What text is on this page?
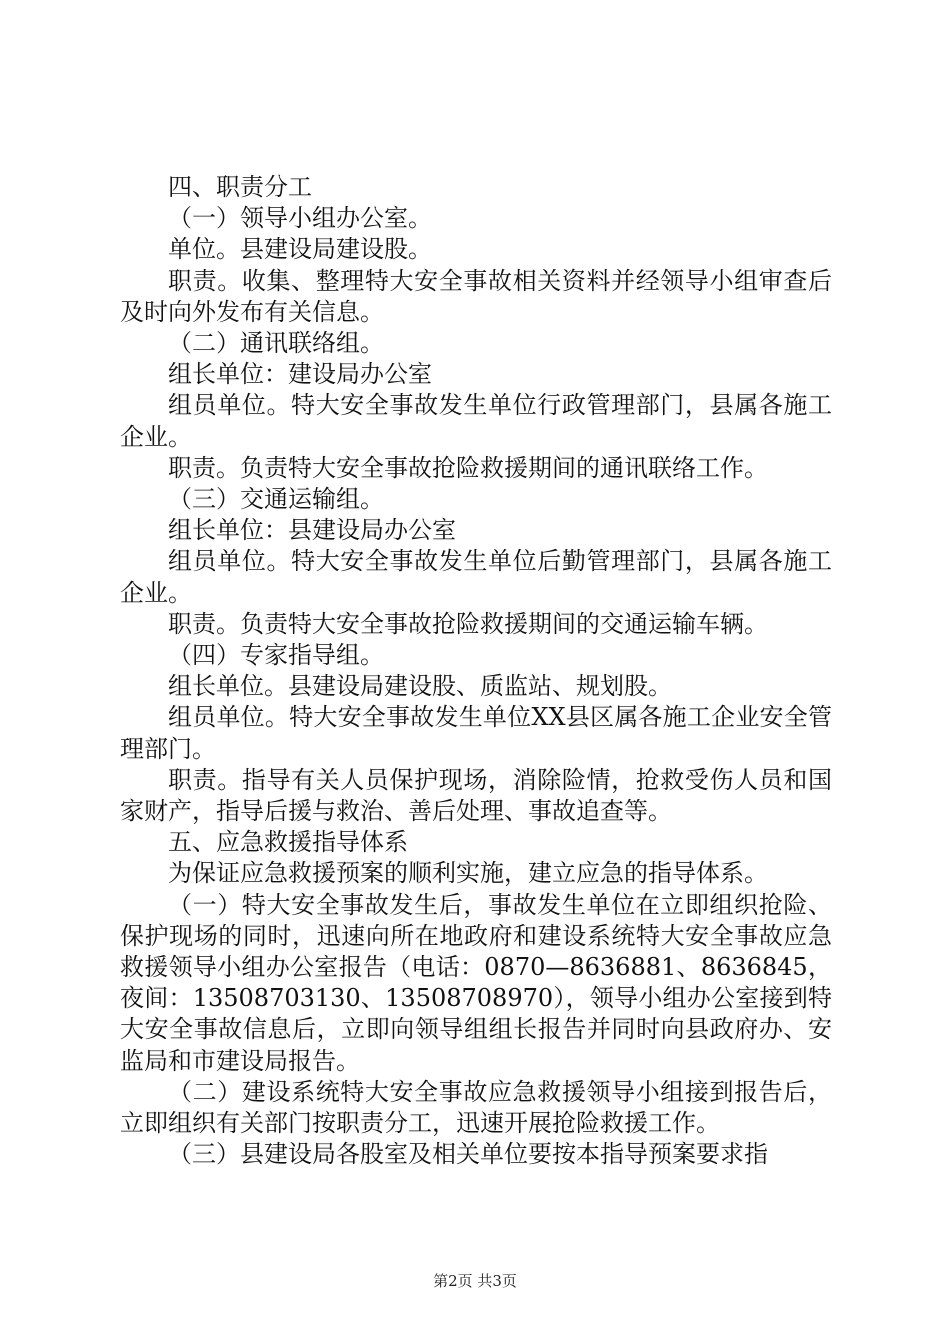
四、职责分工

（一）领导小组办公室。

单位。县建设局建设股。

职责。收集、整理特大安全事故相关资料并经领导小组审查后及时向外发布有关信息。

（二）通讯联络组。

组长单位：建设局办公室

组员单位。特大安全事故发生单位行政管理部门，县属各施工企业。

职责。负责特大安全事故抢险救援期间的通讯联络工作。

（三）交通运输组。

组长单位：县建设局办公室

组员单位。特大安全事故发生单位后勤管理部门，县属各施工企业。

职责。负责特大安全事故抢险救援期间的交通运输车辆。

（四）专家指导组。

组长单位。县建设局建设股、质监站、规划股。

组员单位。特大安全事故发生单位XX县区属各施工企业安全管理部门。

职责。指导有关人员保护现场，消除险情，抢救受伤人员和国家财产，指导后援与救治、善后处理、事故追查等。

五、应急救援指导体系

为保证应急救援预案的顺利实施，建立应急的指导体系。

（一）特大安全事故发生后，事故发生单位在立即组织抢险、保护现场的同时，迅速向所在地政府和建设系统特大安全事故应急救援领导小组办公室报告（电话：0870—8636881、8636845，夜间：13508703130、13508708970），领导小组办公室接到特大安全事故信息后，立即向领导组组长报告并同时向县政府办、安监局和市建设局报告。

（二）建设系统特大安全事故应急救援领导小组接到报告后，立即组织有关部门按职责分工，迅速开展抢险救援工作。

（三）县建设局各股室及相关单位要按本指导预案要求指

第2页 共3页
